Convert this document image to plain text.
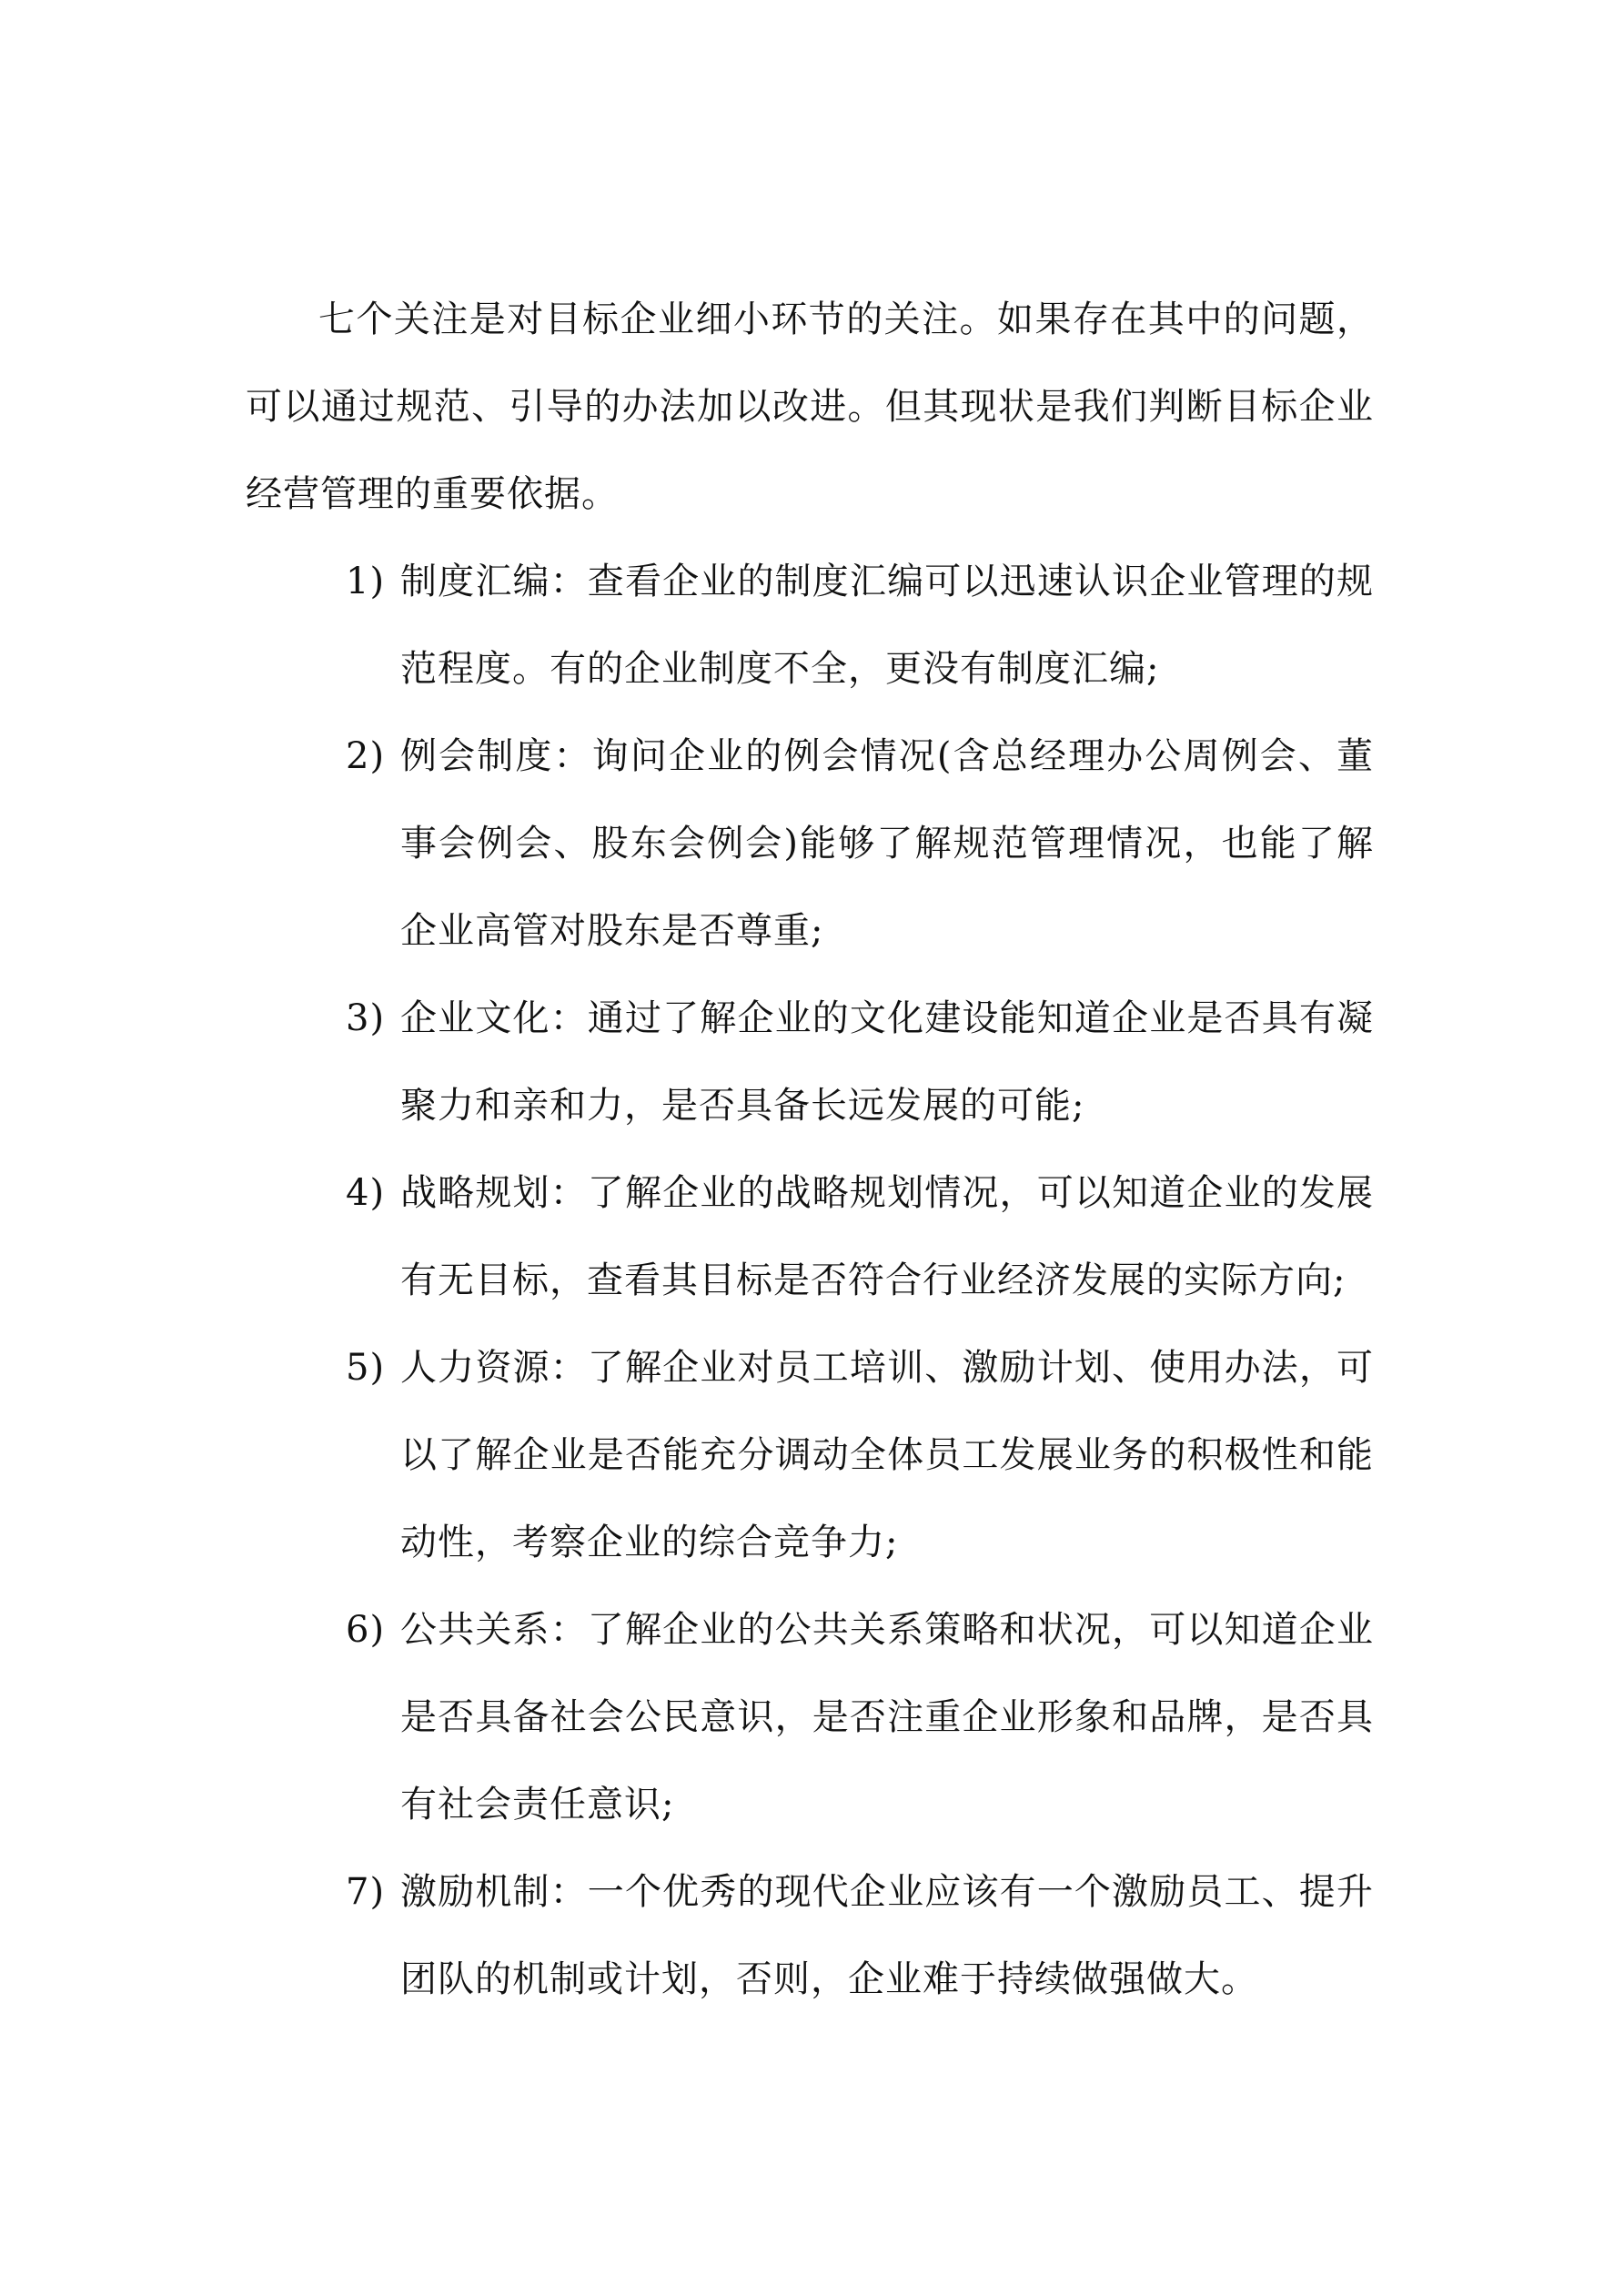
七个关注是对目标企业细小环节的关注。如果存在其中的问题，可以通过规范、引导的办法加以改进。但其现状是我们判断目标企业经营管理的重要依据。

1) 制度汇编：查看企业的制度汇编可以迅速认识企业管理的规范程度。有的企业制度不全，更没有制度汇编;
2) 例会制度：询问企业的例会情况(含总经理办公周例会、董事会例会、股东会例会)能够了解规范管理情况，也能了解企业高管对股东是否尊重;
3) 企业文化：通过了解企业的文化建设能知道企业是否具有凝聚力和亲和力，是否具备长远发展的可能;
4) 战略规划：了解企业的战略规划情况，可以知道企业的发展有无目标，查看其目标是否符合行业经济发展的实际方向;
5) 人力资源：了解企业对员工培训、激励计划、使用办法，可以了解企业是否能充分调动全体员工发展业务的积极性和能动性，考察企业的综合竞争力;
6) 公共关系：了解企业的公共关系策略和状况，可以知道企业是否具备社会公民意识，是否注重企业形象和品牌，是否具有社会责任意识;
7) 激励机制：一个优秀的现代企业应该有一个激励员工、提升团队的机制或计划，否则，企业难于持续做强做大。
